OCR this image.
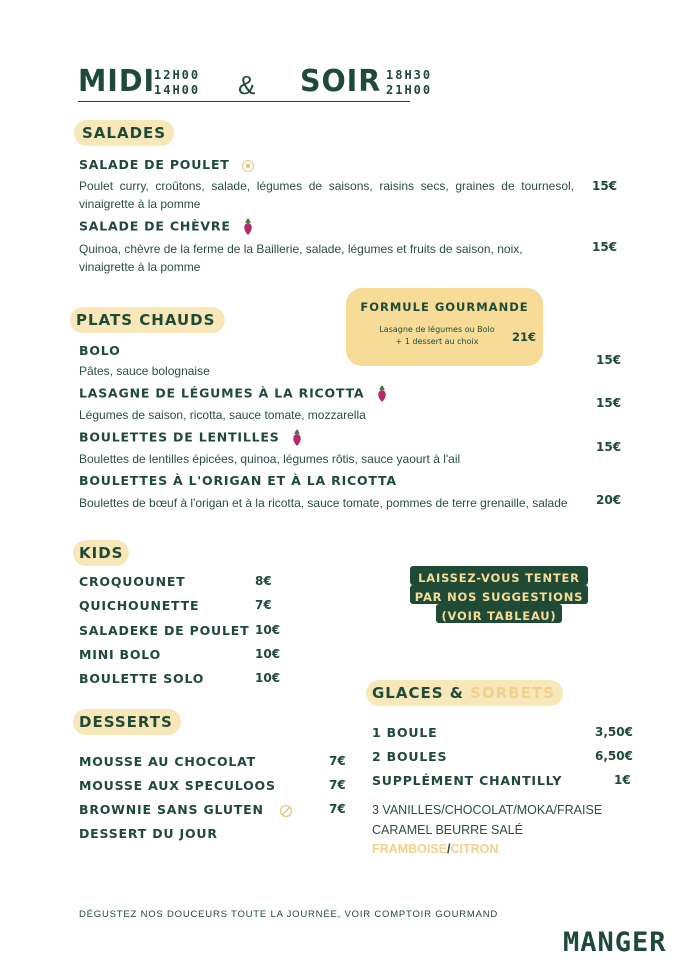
MIDI
12H00
14H00 & SOIR 18H30
21H00
SALADES
SALADE DE POULET
Poulet curry, croûtons, salade, légumes de saisons, raisins secs, graines de tournesol, vinaigrette à la pomme
15€
SALADE DE CHÈVRE
Quinoa, chèvre de la ferme de la Baillerie, salade, légumes et fruits de saison, noix, vinaigrette à la pomme
15€
FORMULE GOURMANDE
Lasagne de légumes ou Bolo
+ 1 dessert au choix	21€
PLATS CHAUDS
BOLO
Pâtes, sauce bolognaise
15€
LASAGNE DE LÉGUMES À LA RICOTTA
Légumes de saison, ricotta, sauce tomate, mozzarella
15€
BOULETTES DE LENTILLES
Boulettes de lentilles épicées, quinoa, légumes rôtis, sauce yaourt à l'ail
15€
BOULETTES À L'ORIGAN ET À LA RICOTTA
Boulettes de bœuf à l'origan et à la ricotta, sauce tomate, pommes de terre grenaille, salade	20€
KIDS
CROQUOUNET	8€
QUICHOUNETTE	7€
SALADEKE DE POULET 10€
MINI BOLO	10€
BOULETTE SOLO	10€
LAISSEZ-VOUS TENTER
PAR NOS SUGGESTIONS
(VOIR TABLEAU)
GLACES & SORBETS
1 BOULE	3,50€
2 BOULES	6,50€
SUPPLÉMENT CHANTILLY	1€
3 VANILLES/CHOCOLAT/MOKA/FRAISE
CARAMEL BEURRE SALÉ
FRAMBOISE/CITRON
DESSERTS
MOUSSE AU CHOCOLAT	7€
MOUSSE AUX SPECULOOS	7€
BROWNIE SANS GLUTEN	7€
DESSERT DU JOUR
DÉGUSTEZ NOS DOUCEURS TOUTE LA JOURNÉE, VOIR COMPTOIR GOURMAND
MANGER
